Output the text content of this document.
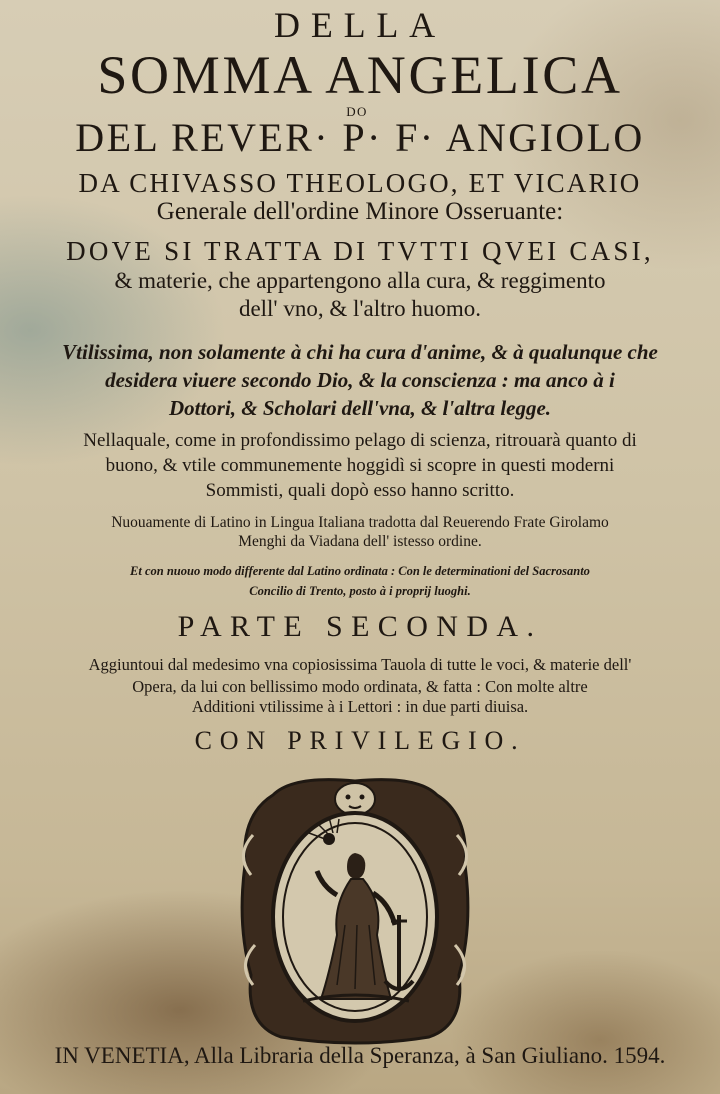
DELLA
SOMMA ANGELICA
DO
DEL REVER· P· F· ANGIOLO
DA CHIVASSO THEOLOGO, ET VICARIO
Generale dell'ordine Minore Osseruante:
DOVE SI TRATTA DI TVTTI QVEI CASI,
& materie, che appartengono alla cura, & reggimento
dell' vno, & l'altro huomo.
Vtilissima, non solamente à chi ha cura d'anime, & à qualunque che
desidera viuere secondo Dio, & la conscienza : ma anco à i
Dottori, & Scholari dell'vna, & l'altra legge.
Nellaquale, come in profondissimo pelago di scienza, ritrouarà quanto di
buono, & vtile communemente hoggidì si scopre in questi moderni
Sommisti, quali dopò esso hanno scritto.
Nuouamente di Latino in Lingua Italiana tradotta dal Reuerendo Frate Girolamo
Menghi da Viadana dell' istesso ordine.
Et con nuouo modo differente dal Latino ordinata : Con le determinationi del Sacrosanto
Concilio di Trento, posto à i proprij luoghi.
PARTE SECONDA.
Aggiuntoui dal medesimo vna copiosissima Tauola di tutte le voci, & materie dell'
Opera, da lui con bellissimo modo ordinata, & fatta : Con molte altre
Additioni vtilissime à i Lettori : in due parti diuisa.
CON PRIVILEGIO.
IN VENETIA, Alla Libraria della Speranza, à San Giuliano. 1594.
